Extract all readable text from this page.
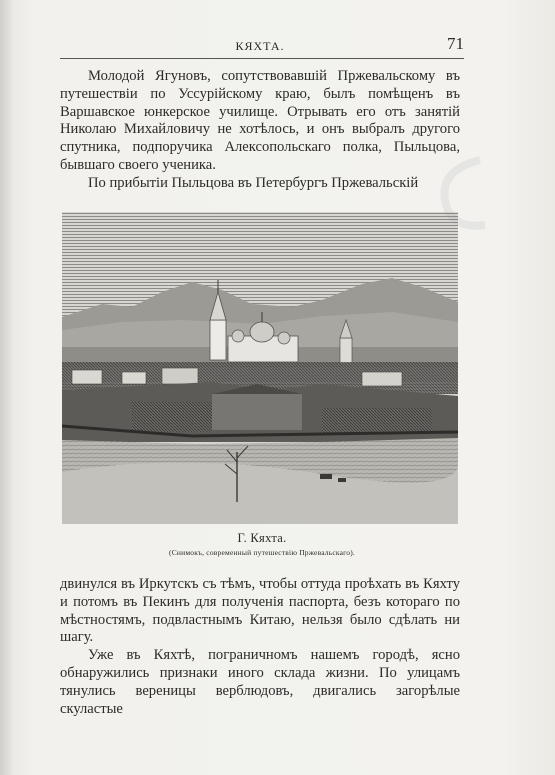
КЯХТА.	71

Молодой Ягуновъ, сопутствовавшій Пржевальскому въ путешествіи по Уссурійскому краю, былъ помѣщенъ въ Варшавское юнкерское училище. Отрывать его отъ занятій Николаю Михайловичу не хотѣлось, и онъ выбралъ другого спутника, подпоручика Алексопольскаго полка, Пыльцова, бывшаго своего ученика.

По прибытіи Пыльцова въ Петербургъ Пржевальскій

Г. Кяхта.
(Снимокъ, современный путешествію Пржевальскаго).

двинулся въ Иркутскъ съ тѣмъ, чтобы оттуда проѣхать въ Кяхту и потомъ въ Пекинъ для полученія паспорта, безъ котораго по мѣстностямъ, подвластнымъ Китаю, нельзя было сдѣлать ни шагу.

Уже въ Кяхтѣ, пограничномъ нашемъ городѣ, ясно обнаружились признаки иного склада жизни. По улицамъ тянулись вереницы верблюдовъ, двигались загорѣлые скуластые
